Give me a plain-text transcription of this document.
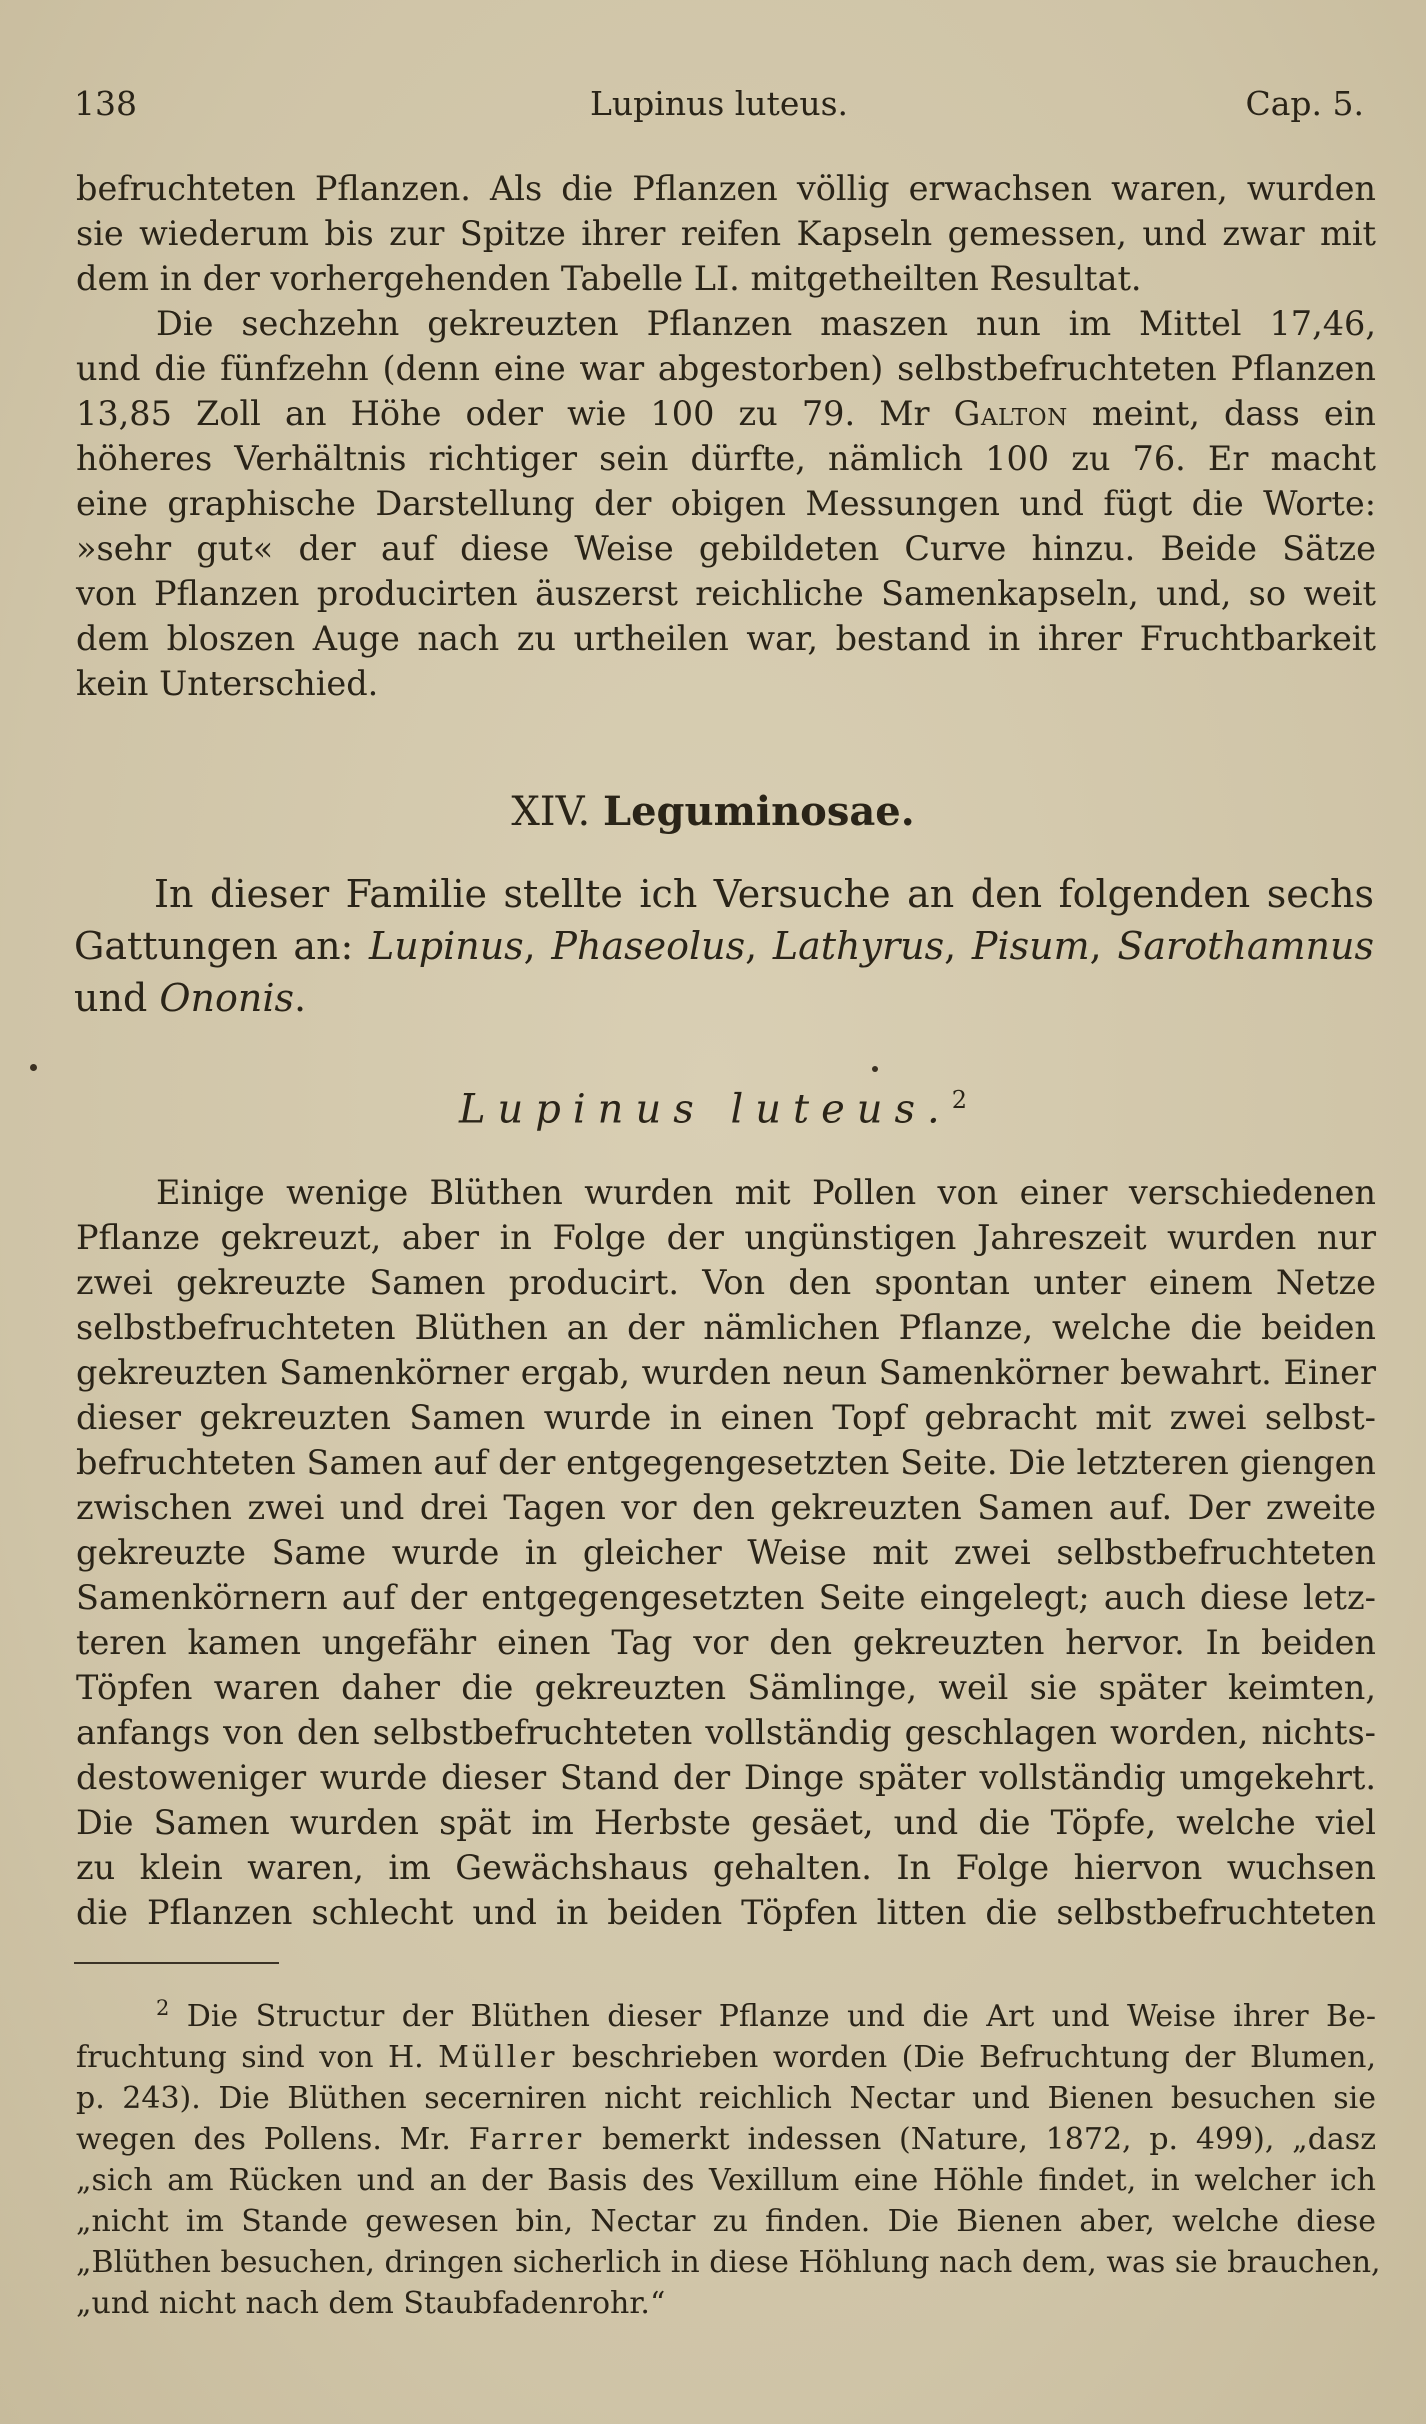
138	Lupinus luteus.	Cap. 5.
befruchteten Pflanzen. Als die Pflanzen völlig erwachsen waren, wurden
sie wiederum bis zur Spitze ihrer reifen Kapseln gemessen, und zwar mit
dem in der vorhergehenden Tabelle LI. mitgetheilten Resultat.
Die sechzehn gekreuzten Pflanzen maszen nun im Mittel 17,46,
und die fünfzehn (denn eine war abgestorben) selbstbefruchteten Pflanzen
13,85 Zoll an Höhe oder wie 100 zu 79. Mr Galton meint, dass ein
höheres Verhältnis richtiger sein dürfte, nämlich 100 zu 76. Er macht
eine graphische Darstellung der obigen Messungen und fügt die Worte:
»sehr gut« der auf diese Weise gebildeten Curve hinzu. Beide Sätze
von Pflanzen producirten äuszerst reichliche Samenkapseln, und, so weit
dem bloszen Auge nach zu urtheilen war, bestand in ihrer Fruchtbarkeit
kein Unterschied.
XIV. Leguminosae.
In dieser Familie stellte ich Versuche an den folgenden sechs
Gattungen an: Lupinus, Phaseolus, Lathyrus, Pisum, Sarothamnus
und Ononis.
Lupinus luteus.$^2$
Einige wenige Blüthen wurden mit Pollen von einer verschiedenen
Pflanze gekreuzt, aber in Folge der ungünstigen Jahreszeit wurden nur
zwei gekreuzte Samen producirt. Von den spontan unter einem Netze
selbstbefruchteten Blüthen an der nämlichen Pflanze, welche die beiden
gekreuzten Samenkörner ergab, wurden neun Samenkörner bewahrt. Einer
dieser gekreuzten Samen wurde in einen Topf gebracht mit zwei selbst-
befruchteten Samen auf der entgegengesetzten Seite. Die letzteren giengen
zwischen zwei und drei Tagen vor den gekreuzten Samen auf. Der zweite
gekreuzte Same wurde in gleicher Weise mit zwei selbstbefruchteten
Samenkörnern auf der entgegengesetzten Seite eingelegt; auch diese letz-
teren kamen ungefähr einen Tag vor den gekreuzten hervor. In beiden
Töpfen waren daher die gekreuzten Sämlinge, weil sie später keimten,
anfangs von den selbstbefruchteten vollständig geschlagen worden, nichts-
destoweniger wurde dieser Stand der Dinge später vollständig umgekehrt.
Die Samen wurden spät im Herbste gesäet, und die Töpfe, welche viel
zu klein waren, im Gewächshaus gehalten. In Folge hiervon wuchsen
die Pflanzen schlecht und in beiden Töpfen litten die selbstbefruchteten
$^2$ Die Structur der Blüthen dieser Pflanze und die Art und Weise ihrer Be-
fruchtung sind von H. Müller beschrieben worden (Die Befruchtung der Blumen,
p. 243). Die Blüthen secerniren nicht reichlich Nectar und Bienen besuchen sie
wegen des Pollens. Mr. Farrer bemerkt indessen (Nature, 1872, p. 499), „dasz
„sich am Rücken und an der Basis des Vexillum eine Höhle findet, in welcher ich
„nicht im Stande gewesen bin, Nectar zu finden. Die Bienen aber, welche diese
„Blüthen besuchen, dringen sicherlich in diese Höhlung nach dem, was sie brauchen,
„und nicht nach dem Staubfadenrohr.“
